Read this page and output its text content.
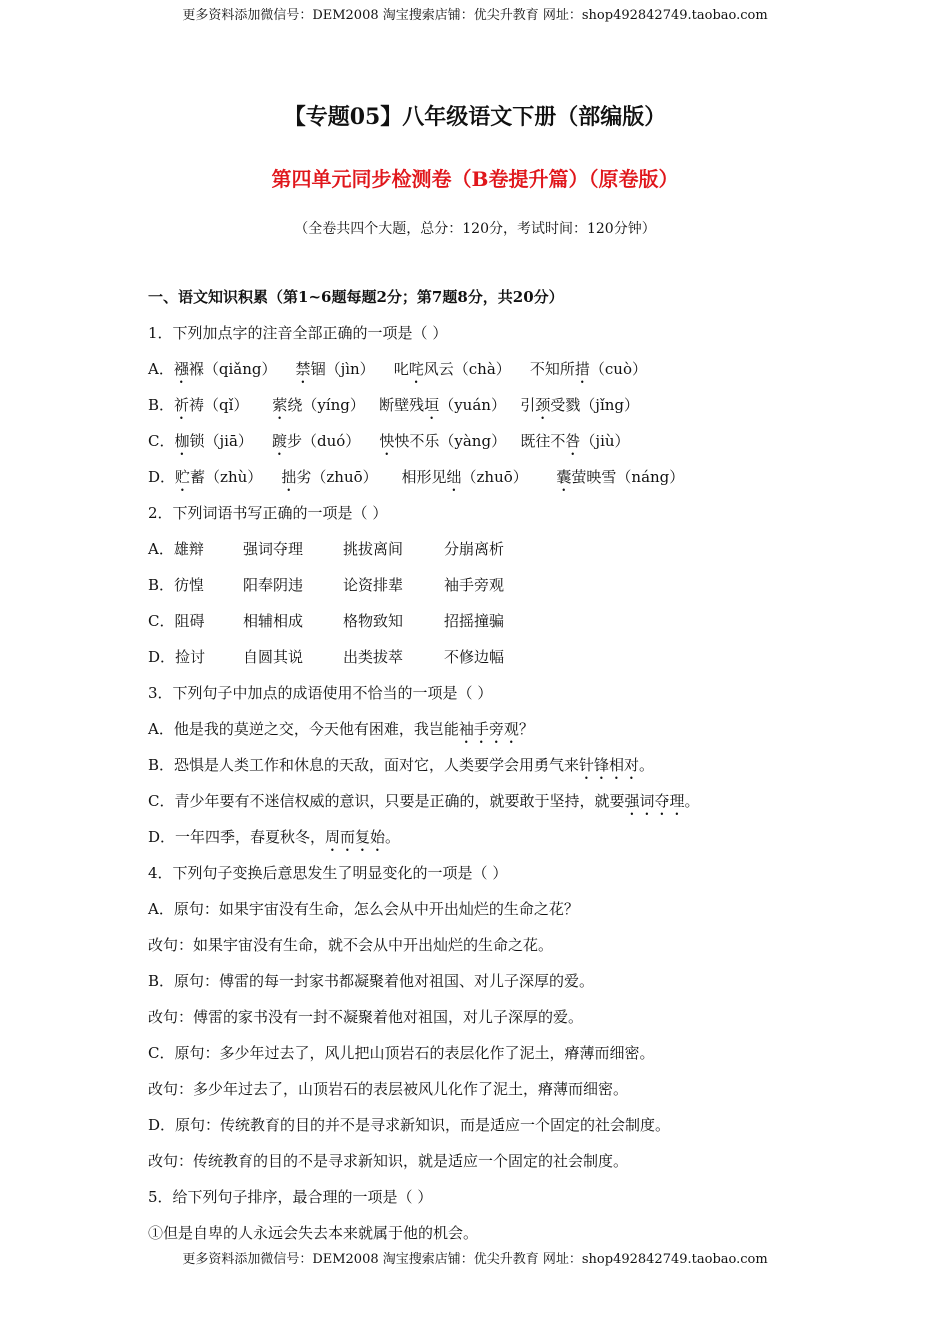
更多资料添加微信号：DEM2008 淘宝搜索店铺：优尖升教育 网址：shop492842749.taobao.com
【专题05】八年级语文下册（部编版）
第四单元同步检测卷（B卷提升篇）（原卷版）
（全卷共四个大题，总分：120分，考试时间：120分钟）
一、语文知识积累（第1~6题每题2分；第7题8分，共20分）
1．下列加点字的注音全部正确的一项是（ ）
A．襁褓（qiǎng） 禁锢（jìn） 叱咤风云（chà） 不知所措（cuò）
B．祈祷（qǐ） 萦绕（yíng） 断壁残垣（yuán） 引颈受戮（jǐng）
C．枷锁（jiā） 踱步（duó） 怏怏不乐（yàng） 既往不咎（jiù）
D．贮蓄（zhù） 拙劣（zhuō） 相形见绌（zhuō） 囊萤映雪（náng）
2．下列词语书写正确的一项是（ ）
A．雄辩	强词夺理	挑拔离间	分崩离析
B．彷惶	阳奉阴违	论资排辈	袖手旁观
C．阻碍	相辅相成	格物致知	招摇撞骗
D．捡讨	自圆其说	出类拔萃	不修边幅
3．下列句子中加点的成语使用不恰当的一项是（ ）
A．他是我的莫逆之交，今天他有困难，我岂能袖手旁观？
B．恐惧是人类工作和休息的天敌，面对它，人类要学会用勇气来针锋相对。
C．青少年要有不迷信权威的意识，只要是正确的，就要敢于坚持，就要强词夺理。
D．一年四季，春夏秋冬，周而复始。
4．下列句子变换后意思发生了明显变化的一项是（ ）
A．原句：如果宇宙没有生命，怎么会从中开出灿烂的生命之花？
改句：如果宇宙没有生命，就不会从中开出灿烂的生命之花。
B．原句：傅雷的每一封家书都凝聚着他对祖国、对儿子深厚的爱。
改句：傅雷的家书没有一封不凝聚着他对祖国，对儿子深厚的爱。
C．原句：多少年过去了，风儿把山顶岩石的表层化作了泥土，瘠薄而细密。
改句：多少年过去了，山顶岩石的表层被风儿化作了泥土，瘠薄而细密。
D．原句：传统教育的目的并不是寻求新知识，而是适应一个固定的社会制度。
改句：传统教育的目的不是寻求新知识，就是适应一个固定的社会制度。
5．给下列句子排序，最合理的一项是（ ）
①但是自卑的人永远会失去本来就属于他的机会。
更多资料添加微信号：DEM2008 淘宝搜索店铺：优尖升教育 网址：shop492842749.taobao.com
